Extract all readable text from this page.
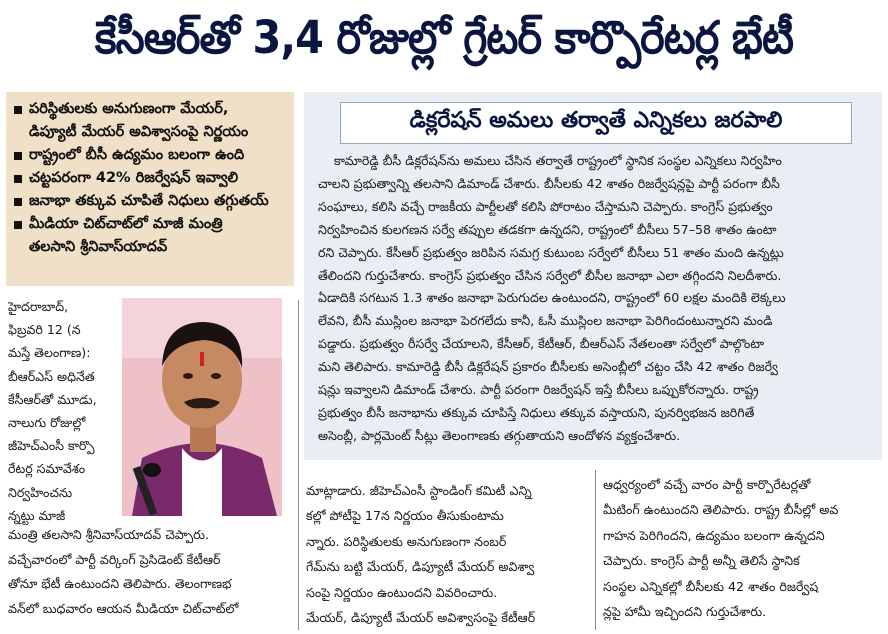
కేసీఆర్‌తో 3,4 రోజుల్లో గ్రేటర్‌ కార్పొరేటర్ల భేటీ
పరిస్థితులకు అనుగుణంగా మేయర్‌,
డిప్యూటీ మేయర్‌ అవిశ్వాసంపై నిర్ణయం
రాష్ట్రంలో బీసీ ఉద్యమం బలంగా ఉంది
చట్టపరంగా 42% రిజర్వేషన్‌ ఇవ్వాలి
జనాభా తక్కువ చూపితే నిధులు తగ్గుతయ్‌
మీడియా చిట్‌చాట్‌లో మాజీ మంత్రి
తలసాని శ్రీనివాస్‌యాదవ్‌
డిక్లరేషన్‌ అమలు తర్వాతే ఎన్నికలు జరపాలి
కామారెడ్డి బీసీ డిక్లరేషన్‌ను అమలు చేసిన తర్వాతే రాష్ట్రంలో స్థానిక సంస్థల ఎన్నికలు నిర్వహిం
చాలని ప్రభుత్వాన్ని తలసాని డిమాండ్‌ చేశారు. బీసీలకు 42 శాతం రిజర్వేషన్లపై పార్టీ పరంగా బీసీ
సంఘాలు, కలిసి వచ్చే రాజకీయ పార్టీలతో కలిసి పోరాటం చేస్తామని చెప్పారు. కాంగ్రెస్‌ ప్రభుత్వం
నిర్వహించిన కులగణన సర్వే తప్పుల తడకగా ఉన్నదని, రాష్ట్రంలో బీసీలు 57–58 శాతం ఉంటా
రని చెప్పారు. కేసీఆర్‌ ప్రభుత్వం జరిపిన సమగ్ర కుటుంబ సర్వేలో బీసీలు 51 శాతం మంది ఉన్నట్లు
తేలిందని గుర్తుచేశారు. కాంగ్రెస్‌ ప్రభుత్వం చేసిన సర్వేలో బీసీల జనాభా ఎలా తగ్గిందని నిలదీశారు.
ఏడాదికి సగటున 1.3 శాతం జనాభా పెరుగుదల ఉంటుందని, రాష్ట్రంలో 60 లక్షల మందికి లెక్కలు
లేవని, బీసీ ముస్లింల జనాభా పెరగలేదు కానీ, ఓసీ ముస్లింల జనాభా పెరిగిందంటున్నారని మండి
పడ్డారు. ప్రభుత్వం రీసర్వే చేయాలని, కేసీఆర్‌, కేటీఆర్‌, బీఆర్‌ఎస్‌ నేతలంతా సర్వేలో పాల్గొంటా
మని తెలిపారు. కామారెడ్డి బీసీ డిక్లరేషన్‌ ప్రకారం బీసీలకు అసెంబ్లీలో చట్టం చేసి 42 శాతం రిజర్వే
షన్లు ఇవ్వాలని డిమాండ్‌ చేశారు. పార్టీ పరంగా రిజర్వేషన్‌ ఇస్తే బీసీలు ఒప్పుకోరన్నారు. రాష్ట్ర
ప్రభుత్వం బీసీ జనాభాను తక్కువ చూపిస్తే నిధులు తక్కువ వస్తాయని, పునర్విభజన జరిగితే
అసెంబ్లీ, పార్లమెంట్‌ సీట్లు తెలంగాణకు తగ్గుతాయని ఆందోళన వ్యక్తంచేశారు.
హైదరాబాద్‌,
ఫిబ్రవరి 12 (న
మస్తే తెలంగాణ):
బీఆర్‌ఎస్‌ అధినేత
కేసీఆర్‌తో మూడు,
నాలుగు రోజుల్లో
జీహెచ్‌ఎంసీ కార్పొ
రేటర్ల సమావేశం
నిర్వహించను
న్నట్టు మాజీ
మంత్రి తలసాని శ్రీనివాస్‌యాదవ్‌ చెప్పారు.
వచ్చేవారంలో పార్టీ వర్కింగ్‌ ప్రెసిడెంట్‌ కేటీఆర్‌
తోనూ భేటీ ఉంటుందని తెలిపారు. తెలంగాణభ
వన్‌లో బుధవారం ఆయన మీడియా చిట్‌చాట్‌లో
మాట్లాడారు. జీహెచ్‌ఎంసీ స్టాండింగ్‌ కమిటీ ఎన్ని
కల్లో పోటీపై 17న నిర్ణయం తీసుకుంటామ
న్నారు. పరిస్థితులకు అనుగుణంగా నంబర్‌
గేమ్‌ను బట్టి మేయర్‌, డిప్యూటీ మేయర్‌ అవిశ్వా
సంపై నిర్ణయం ఉంటుందని వివరించారు.
మేయర్‌, డిప్యూటీ మేయర్‌ అవిశ్వాసంపై కేటీఆర్‌
ఆధ్వర్యంలో వచ్చే వారం పార్టీ కార్పొరేటర్లతో
మీటింగ్‌ ఉంటుందని తెలిపారు. రాష్ట్ర బీసీల్లో అవ
గాహన పెరిగిందని, ఉద్యమం బలంగా ఉన్నదని
చెప్పారు. కాంగ్రెస్‌ పార్టీ అన్నీ తెలిసే స్థానిక
సంస్థల ఎన్నికల్లో బీసీలకు 42 శాతం రిజర్వేష
న్లపై హామీ ఇచ్చిందని గుర్తుచేశారు.
